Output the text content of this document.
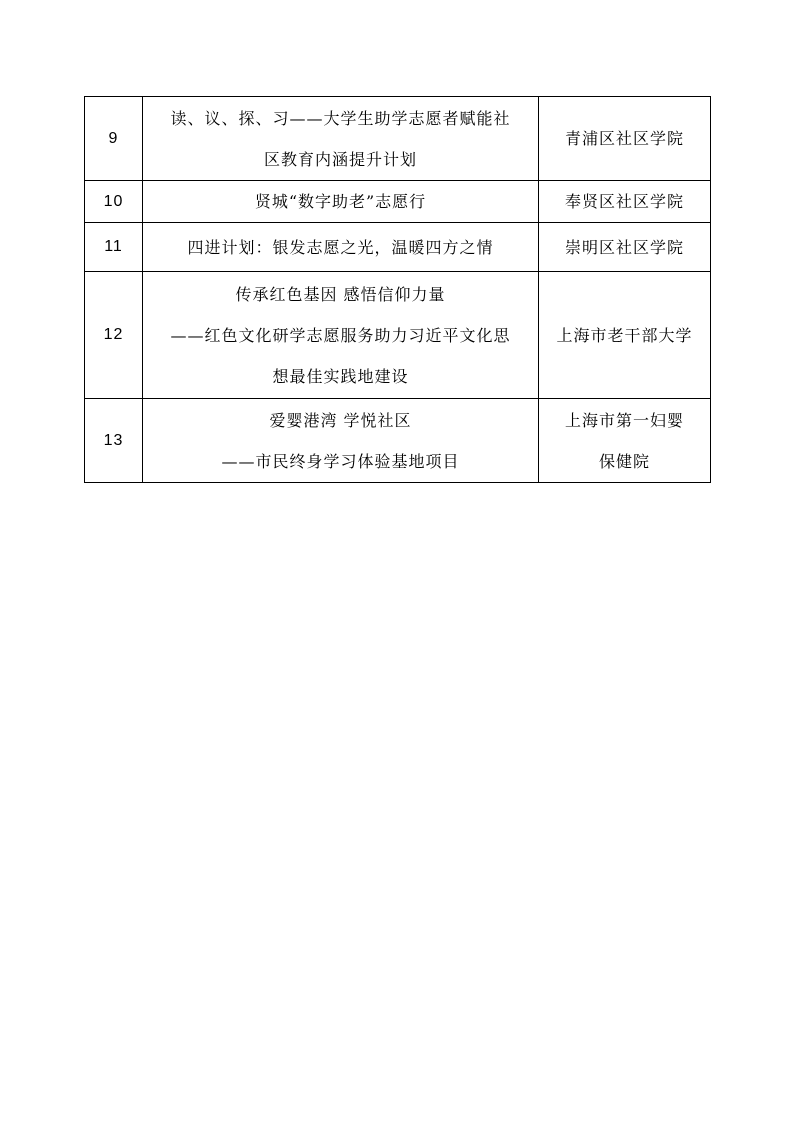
9	读、议、探、习——大学生助学志愿者赋能社
区教育内涵提升计划	青浦区社区学院

10	贤城“数字助老”志愿行	奉贤区社区学院

11	四进计划：银发志愿之光，温暖四方之情	崇明区社区学院

12	传承红色基因 感悟信仰力量
——红色文化研学志愿服务助力习近平文化思
想最佳实践地建设	上海市老干部大学

13	爱婴港湾 学悦社区
——市民终身学习体验基地项目	上海市第一妇婴
保健院
